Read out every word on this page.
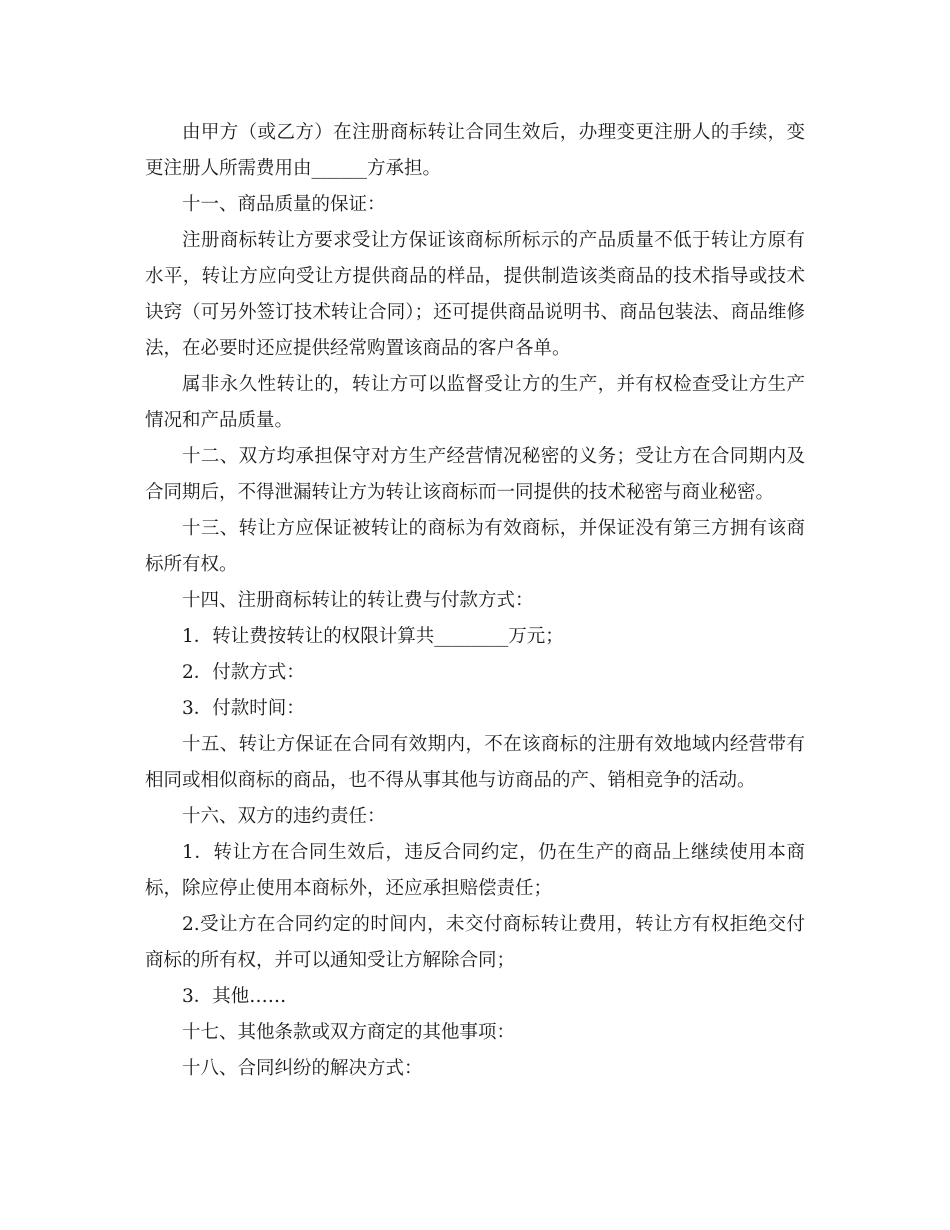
由甲方（或乙方）在注册商标转让合同生效后，办理变更注册人的手续，变更注册人所需费用由______方承担。

十一、商品质量的保证：

注册商标转让方要求受让方保证该商标所标示的产品质量不低于转让方原有水平，转让方应向受让方提供商品的样品，提供制造该类商品的技术指导或技术诀窍（可另外签订技术转让合同）；还可提供商品说明书、商品包装法、商品维修法，在必要时还应提供经常购置该商品的客户各单。

属非永久性转让的，转让方可以监督受让方的生产，并有权检查受让方生产情况和产品质量。

十二、双方均承担保守对方生产经营情况秘密的义务；受让方在合同期内及合同期后，不得泄漏转让方为转让该商标而一同提供的技术秘密与商业秘密。

十三、转让方应保证被转让的商标为有效商标，并保证没有第三方拥有该商标所有权。

十四、注册商标转让的转让费与付款方式：

1．转让费按转让的权限计算共________万元；

2．付款方式：

3．付款时间：

十五、转让方保证在合同有效期内，不在该商标的注册有效地域内经营带有相同或相似商标的商品，也不得从事其他与访商品的产、销相竞争的活动。

十六、双方的违约责任：

1．转让方在合同生效后，违反合同约定，仍在生产的商品上继续使用本商标，除应停止使用本商标外，还应承担赔偿责任；

2.受让方在合同约定的时间内，未交付商标转让费用，转让方有权拒绝交付商标的所有权，并可以通知受让方解除合同；

3．其他……

十七、其他条款或双方商定的其他事项：

十八、合同纠纷的解决方式：
